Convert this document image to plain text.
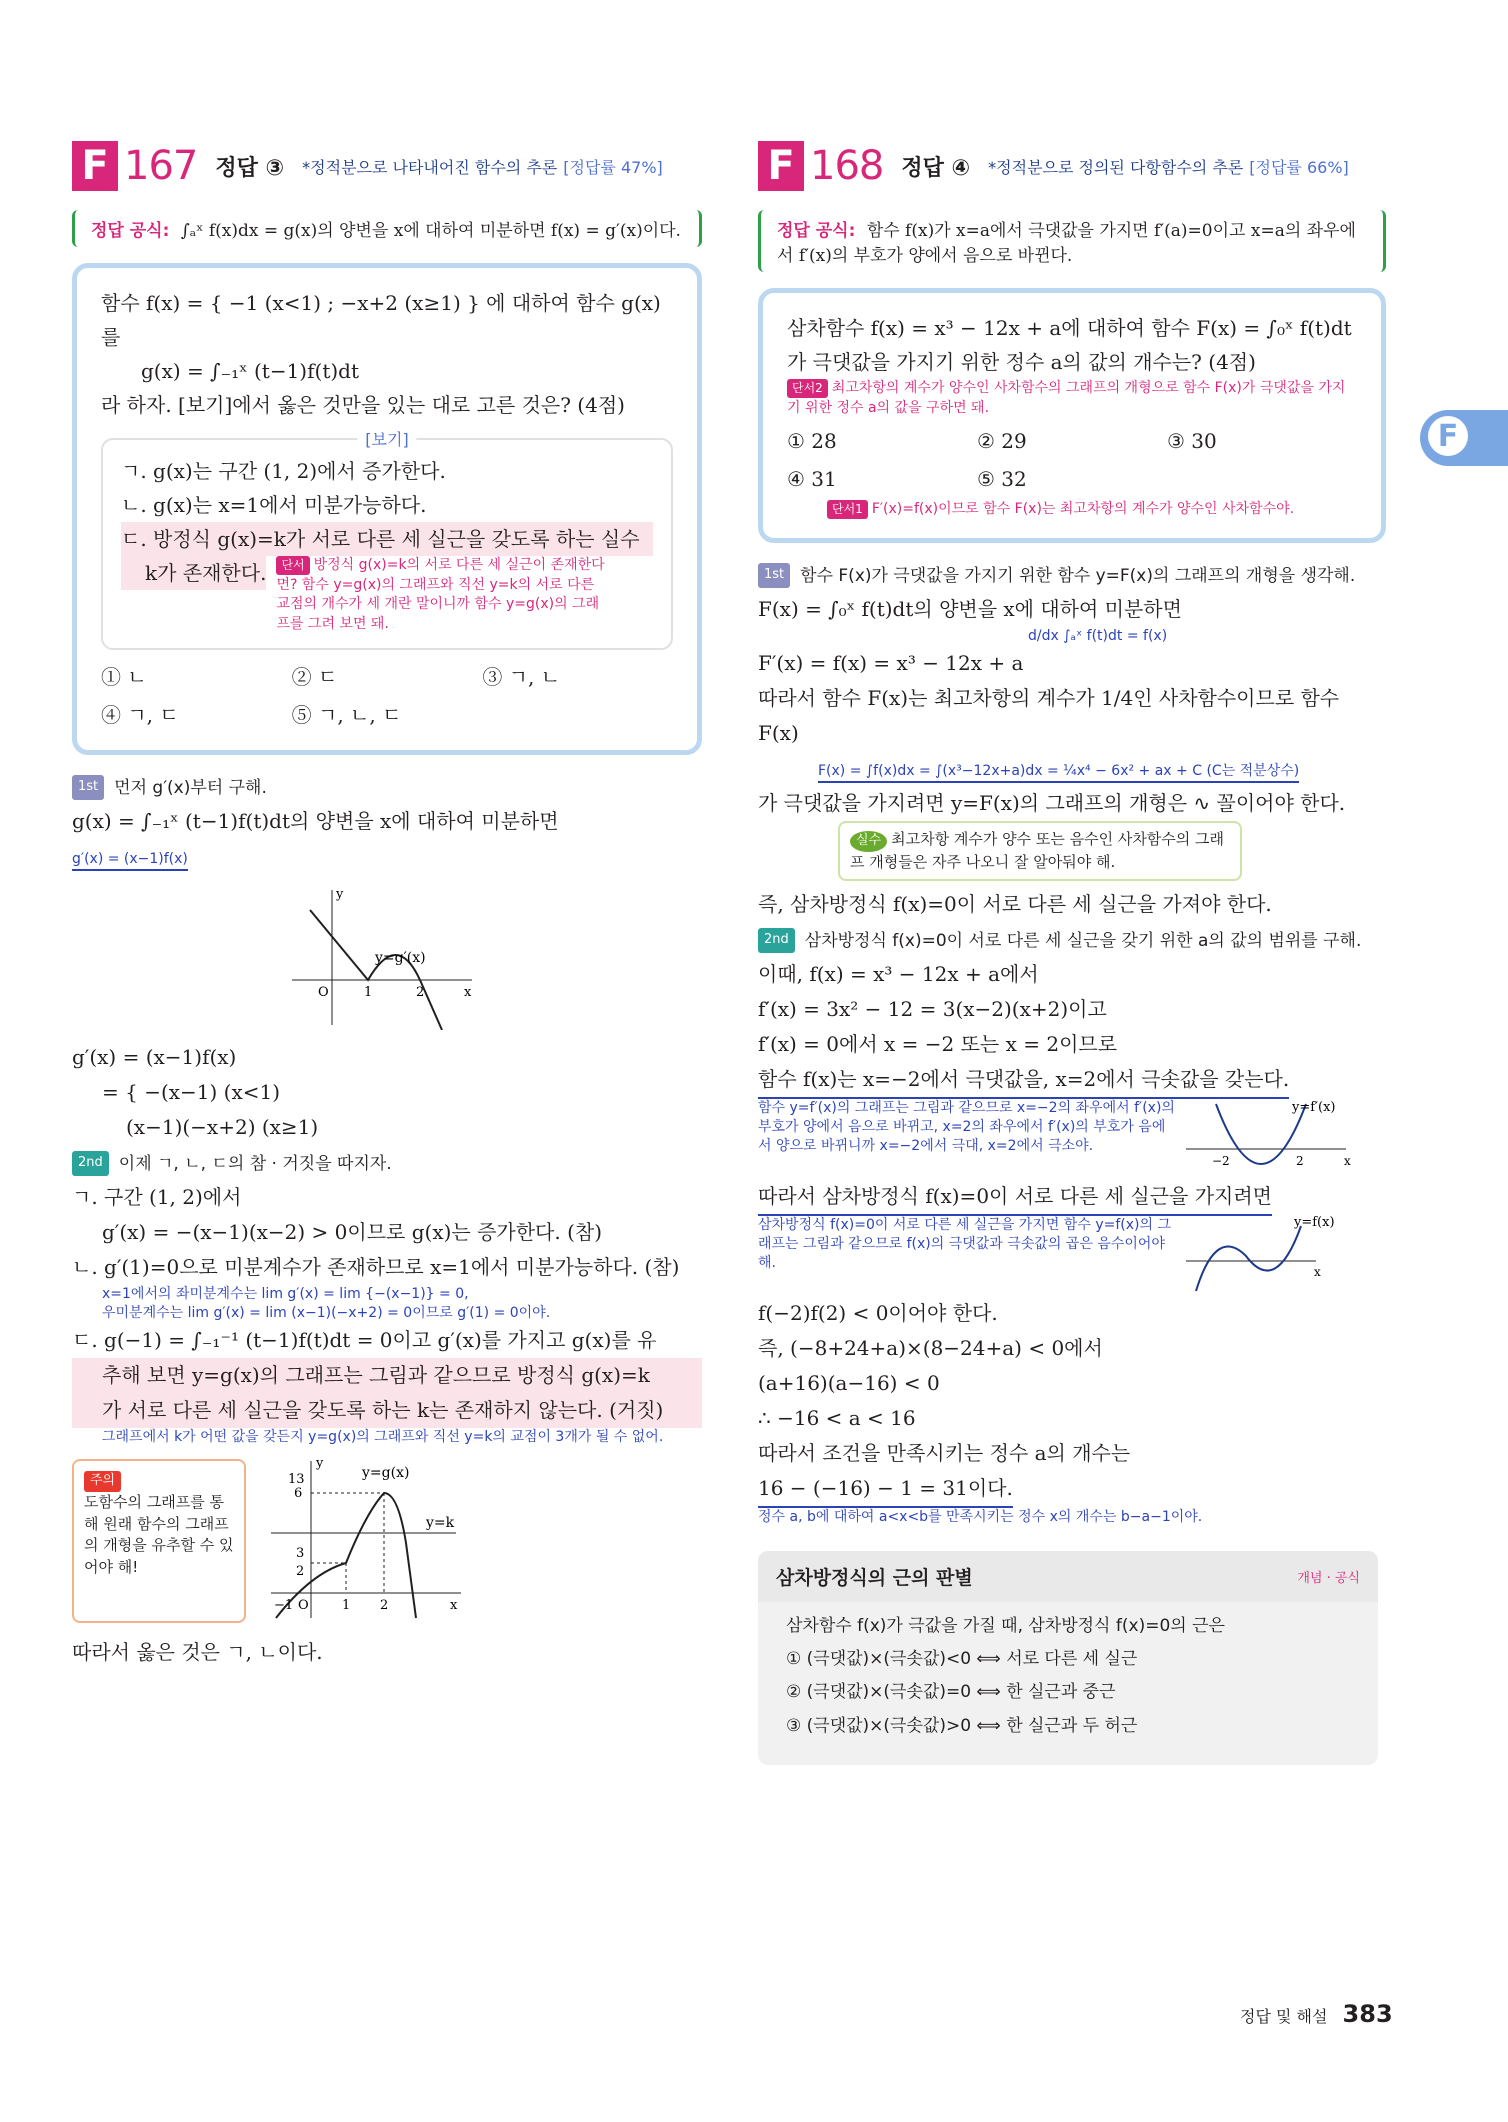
F 167 정답 ③ *정적분으로 나타내어진 함수의 추론 [정답률 47%]
정답 공식: ∫ₐˣ f(x)dx = g(x)의 양변을 x에 대하여 미분하면 f(x) = g′(x)이다.

함수 f(x) = { −1 (x<1) ; −x+2 (x≥1) } 에 대하여 함수 g(x)를

g(x) = ∫₋₁ˣ (t−1)f(t)dt

라 하자. [보기]에서 옳은 것만을 있는 대로 고른 것은? (4점)

[보기]
ㄱ. g(x)는 구간 (1, 2)에서 증가한다.
ㄴ. g(x)는 x=1에서 미분가능하다.
ㄷ. 방정식 g(x)=k가 서로 다른 세 실근을 갖도록 하는 실수
k가 존재한다.	단서 방정식 g(x)=k의 서로 다른 세 실근이 존재한다면? 함수 y=g(x)의 그래프와 직선 y=k의 서로 다른 교점의 개수가 세 개란 말이니까 함수 y=g(x)의 그래프를 그려 보면 돼.
① ㄴ	② ㄷ	③ ㄱ, ㄴ
④ ㄱ, ㄷ	⑤ ㄱ, ㄴ, ㄷ

1st 먼저 g′(x)부터 구해.

g(x) = ∫₋₁ˣ (t−1)f(t)dt의 양변을 x에 대하여 미분하면

g′(x) = (x−1)f(x)

y=g′(x)
O	1	2	x
y

g′(x) = (x−1)f(x)

= { −(x−1) (x<1)

(x−1)(−x+2) (x≥1)

2nd 이제 ㄱ, ㄴ, ㄷ의 참 · 거짓을 따지자.

ㄱ. 구간 (1, 2)에서

g′(x) = −(x−1)(x−2) > 0이므로 g(x)는 증가한다. (참)

ㄴ. g′(1)=0으로 미분계수가 존재하므로 x=1에서 미분가능하다. (참)

x=1에서의 좌미분계수는 lim g′(x) = lim {−(x−1)} = 0,

우미분계수는 lim g′(x) = lim (x−1)(−x+2) = 0이므로 g′(1) = 0이야.

ㄷ. g(−1) = ∫₋₁⁻¹ (t−1)f(t)dt = 0이고 g′(x)를 가지고 g(x)를 유

추해 보면 y=g(x)의 그래프는 그림과 같으므로 방정식 g(x)=k

가 서로 다른 세 실근을 갖도록 하는 k는 존재하지 않는다. (거짓)

그래프에서 k가 어떤 값을 갖든지 y=g(x)의 그래프와 직선 y=k의 교점이 3개가 될 수 없어.

주의
도함수의 그래프를 통해 원래 함수의 그래프의 개형을 유추할 수 있어야 해!
y=g(x)
y=k
13
6
3
2
O
−1	1 2	x
y

따라서 옳은 것은 ㄱ, ㄴ이다.

F 168 정답 ④ *정적분으로 정의된 다항함수의 추론 [정답률 66%]
정답 공식: 함수 f(x)가 x=a에서 극댓값을 가지면 f′(a)=0이고 x=a의 좌우에서 f′(x)의 부호가 양에서 음으로 바뀐다.

삼차함수 f(x) = x³ − 12x + a에 대하여 함수 F(x) = ∫₀ˣ f(t)dt

가 극댓값을 가지기 위한 정수 a의 값의 개수는? (4점)

단서2 최고차항의 계수가 양수인 사차함수의 그래프의 개형으로 함수 F(x)가 극댓값을 가지기 위한 정수 a의 값을 구하면 돼.
① 28	② 29	③ 30
④ 31	⑤ 32
단서1 F′(x)=f(x)이므로 함수 F(x)는 최고차항의 계수가 양수인 사차함수야.

1st 함수 F(x)가 극댓값을 가지기 위한 함수 y=F(x)의 그래프의 개형을 생각해.

F(x) = ∫₀ˣ f(t)dt의 양변을 x에 대하여 미분하면

d/dx ∫ₐˣ f(t)dt = f(x)

F′(x) = f(x) = x³ − 12x + a

따라서 함수 F(x)는 최고차항의 계수가 1/4인 사차함수이므로 함수 F(x)

F(x) = ∫f(x)dx = ∫(x³−12x+a)dx = ¼x⁴ − 6x² + ax + C (C는 적분상수)

가 극댓값을 가지려면 y=F(x)의 그래프의 개형은 ∿ 꼴이어야 한다.

실수 최고차항 계수가 양수 또는 음수인 사차함수의 그래프 개형들은 자주 나오니 잘 알아둬야 해.

즉, 삼차방정식 f(x)=0이 서로 다른 세 실근을 가져야 한다.

2nd 삼차방정식 f(x)=0이 서로 다른 세 실근을 갖기 위한 a의 값의 범위를 구해.

이때, f(x) = x³ − 12x + a에서

f′(x) = 3x² − 12 = 3(x−2)(x+2)이고

f′(x) = 0에서 x = −2 또는 x = 2이므로

함수 f(x)는 x=−2에서 극댓값을, x=2에서 극솟값을 갖는다.

함수 y=f′(x)의 그래프는 그림과 같으므로 x=−2의 좌우에서 f′(x)의 부호가 양에서 음으로 바뀌고, x=2의 좌우에서 f′(x)의 부호가 음에서 양으로 바뀌니까 x=−2에서 극대, x=2에서 극소야.

y=f′(x)
−2	2	x

따라서 삼차방정식 f(x)=0이 서로 다른 세 실근을 가지려면

삼차방정식 f(x)=0이 서로 다른 세 실근을 가지면 함수 y=f(x)의 그래프는 그림과 같으므로 f(x)의 극댓값과 극솟값의 곱은 음수이어야 해.

y=f(x)
x

f(−2)f(2) < 0이어야 한다.

즉, (−8+24+a)×(8−24+a) < 0에서

(a+16)(a−16) < 0

∴ −16 < a < 16

따라서 조건을 만족시키는 정수 a의 개수는

16 − (−16) − 1 = 31이다.

정수 a, b에 대하여 a<x<b를 만족시키는 정수 x의 개수는 b−a−1이야.

삼차방정식의 근의 판별	개념 · 공식
삼차함수 f(x)가 극값을 가질 때, 삼차방정식 f(x)=0의 근은
① (극댓값)×(극솟값)<0 ⟺ 서로 다른 세 실근
② (극댓값)×(극솟값)=0 ⟺ 한 실근과 중근
③ (극댓값)×(극솟값)>0 ⟺ 한 실근과 두 허근
F
정답 및 해설 383
